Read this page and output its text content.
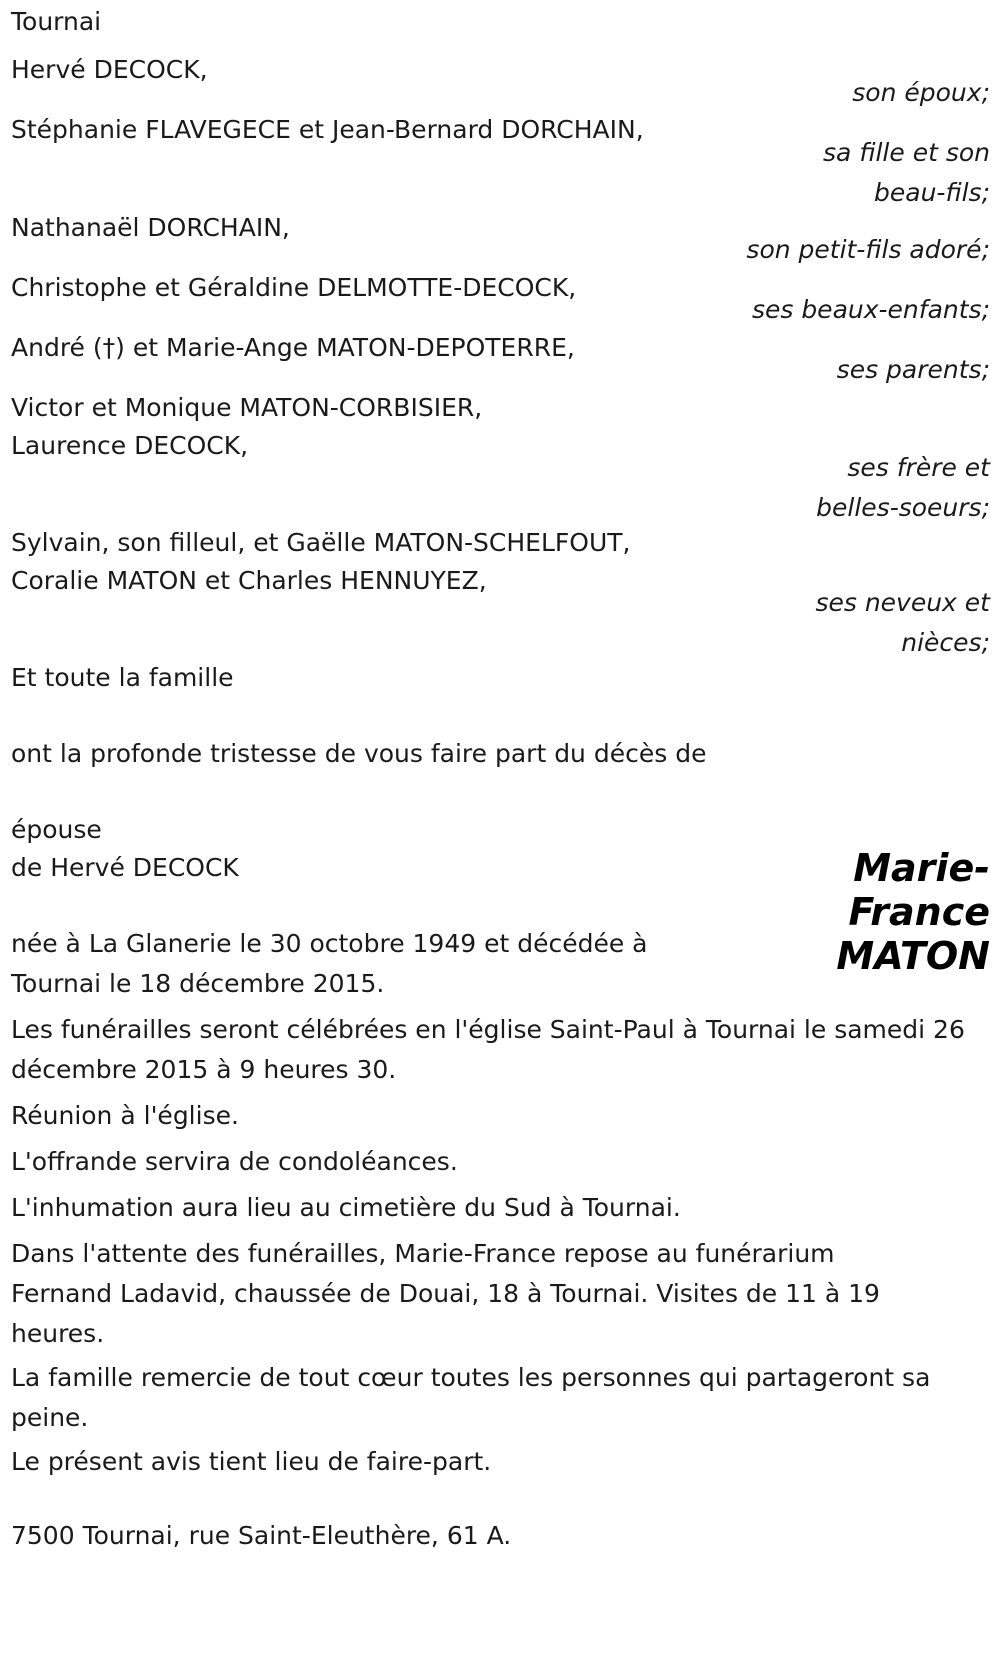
Tournai
Hervé DECOCK,
son époux;
Stéphanie FLAVEGECE et Jean-Bernard DORCHAIN,
sa fille et son beau-fils;
Nathanaël DORCHAIN,
son petit-fils adoré;
Christophe et Géraldine DELMOTTE-DECOCK,
ses beaux-enfants;
André (†) et Marie-Ange MATON-DEPOTERRE,
ses parents;
Victor et Monique MATON-CORBISIER,
Laurence DECOCK,
ses frère et belles-soeurs;
Sylvain, son filleul, et Gaëlle MATON-SCHELFOUT,
Coralie MATON et Charles HENNUYEZ,
ses neveux et nièces;
Et toute la famille
ont la profonde tristesse de vous faire part du décès de
épouse
de Hervé DECOCK	Marie-
France
MATON
née à La Glanerie le 30 octobre 1949 et décédée à Tournai le 18 décembre 2015.
Les funérailles seront célébrées en l'église Saint-Paul à Tournai le samedi 26 décembre 2015 à 9 heures 30.
Réunion à l'église.
L'offrande servira de condoléances.
L'inhumation aura lieu au cimetière du Sud à Tournai.
Dans l'attente des funérailles, Marie-France repose au funérarium Fernand Ladavid, chaussée de Douai, 18 à Tournai. Visites de 11 à 19 heures.
La famille remercie de tout cœur toutes les personnes qui partageront sa peine.
Le présent avis tient lieu de faire-part.
7500 Tournai, rue Saint-Eleuthère, 61 A.
